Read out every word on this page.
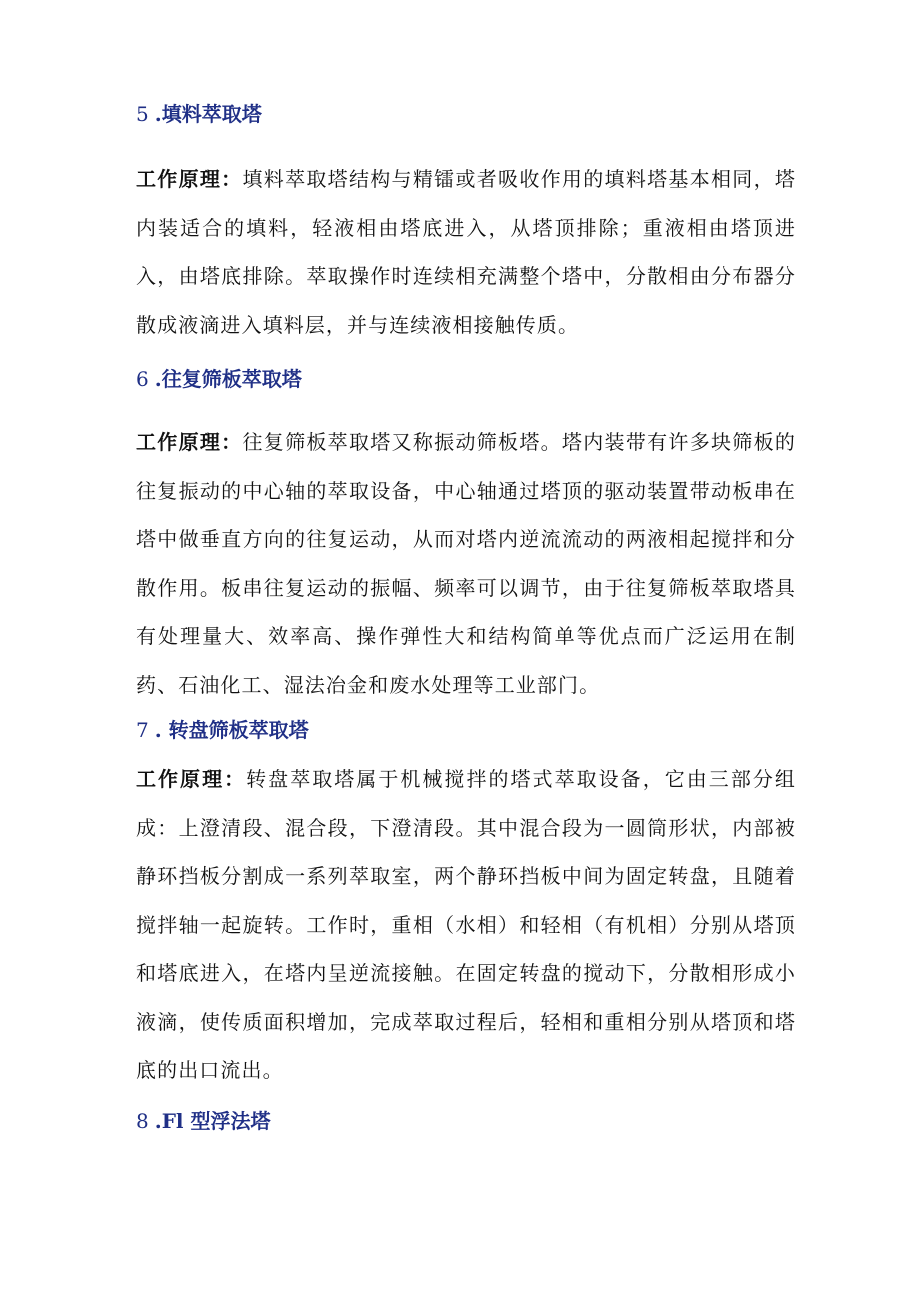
5 .填料萃取塔
工作原理：填料萃取塔结构与精镭或者吸收作用的填料塔基本相同，塔内装适合的填料，轻液相由塔底进入，从塔顶排除；重液相由塔顶进入，由塔底排除。萃取操作时连续相充满整个塔中，分散相由分布器分散成液滴进入填料层，并与连续液相接触传质。
6 .往复筛板萃取塔
工作原理：往复筛板萃取塔又称振动筛板塔。塔内装带有许多块筛板的往复振动的中心轴的萃取设备，中心轴通过塔顶的驱动装置带动板串在塔中做垂直方向的往复运动，从而对塔内逆流流动的两液相起搅拌和分散作用。板串往复运动的振幅、频率可以调节，由于往复筛板萃取塔具有处理量大、效率高、操作弹性大和结构简单等优点而广泛运用在制药、石油化工、湿法冶金和废水处理等工业部门。
7 . 转盘筛板萃取塔
工作原理：转盘萃取塔属于机械搅拌的塔式萃取设备，它由三部分组成：上澄清段、混合段，下澄清段。其中混合段为一圆筒形状，内部被静环挡板分割成一系列萃取室，两个静环挡板中间为固定转盘，且随着搅拌轴一起旋转。工作时，重相（水相）和轻相（有机相）分别从塔顶和塔底进入，在塔内呈逆流接触。在固定转盘的搅动下，分散相形成小液滴，使传质面积增加，完成萃取过程后，轻相和重相分别从塔顶和塔底的出口流出。
8 .Fl 型浮法塔
